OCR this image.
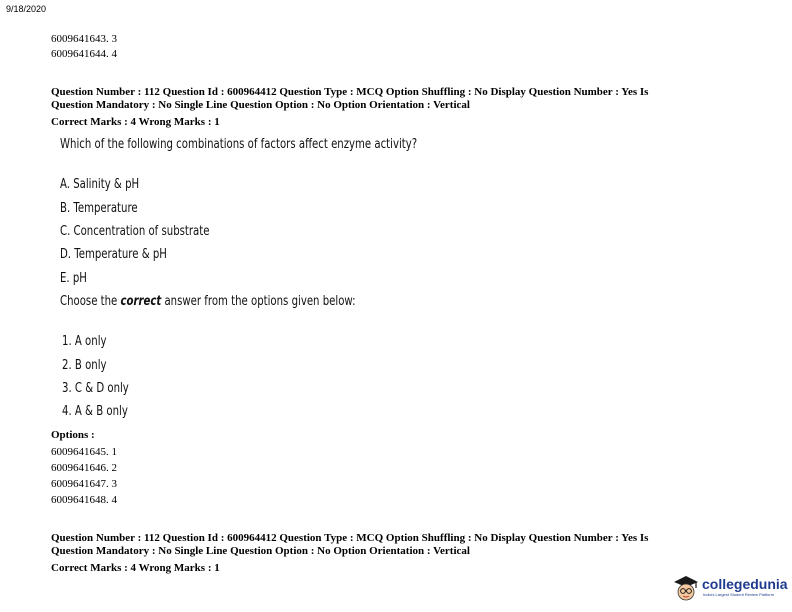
9/18/2020
6009641643. 3
6009641644. 4
Question Number : 112 Question Id : 600964412 Question Type : MCQ Option Shuffling : No Display Question Number : Yes Is
Question Mandatory : No Single Line Question Option : No Option Orientation : Vertical
Correct Marks : 4 Wrong Marks : 1
Which of the following combinations of factors affect enzyme activity?
A. Salinity & pH
B. Temperature
C. Concentration of substrate
D. Temperature & pH
E. pH
Choose the correct answer from the options given below:
1. A only
2. B only
3. C & D only
4. A & B only
Options :
6009641645. 1
6009641646. 2
6009641647. 3
6009641648. 4
Question Number : 112 Question Id : 600964412 Question Type : MCQ Option Shuffling : No Display Question Number : Yes Is
Question Mandatory : No Single Line Question Option : No Option Orientation : Vertical
Correct Marks : 4 Wrong Marks : 1
collegedunia
India's Largest Student Review Platform
